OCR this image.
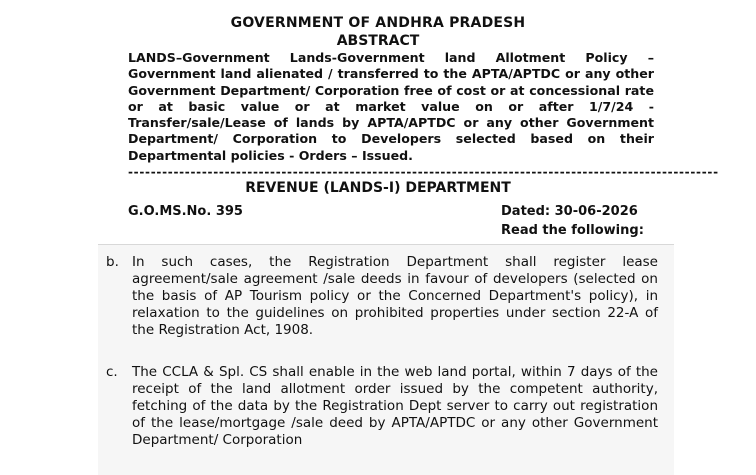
GOVERNMENT OF ANDHRA PRADESH
ABSTRACT
LANDS–Government Lands-Government land Allotment Policy – Government land alienated / transferred to the APTA/APTDC or any other Government Department/ Corporation free of cost or at concessional rate or at basic value or at market value on or after 1/7/24 - Transfer/sale/Lease of lands by APTA/APTDC or any other Government Department/ Corporation to Developers selected based on their Departmental policies - Orders – Issued.
--------------------------------------------------------------------------------------------------------
REVENUE (LANDS-I) DEPARTMENT
G.O.MS.No. 395	Dated: 30-06-2026
Read the following:
b. In such cases, the Registration Department shall register lease agreement/sale agreement /sale deeds in favour of developers (selected on the basis of AP Tourism policy or the Concerned Department's policy), in relaxation to the guidelines on prohibited properties under section 22-A of the Registration Act, 1908.
c. The CCLA & Spl. CS shall enable in the web land portal, within 7 days of the receipt of the land allotment order issued by the competent authority, fetching of the data by the Registration Dept server to carry out registration of the lease/mortgage /sale deed by APTA/APTDC or any other Government Department/ Corporation
